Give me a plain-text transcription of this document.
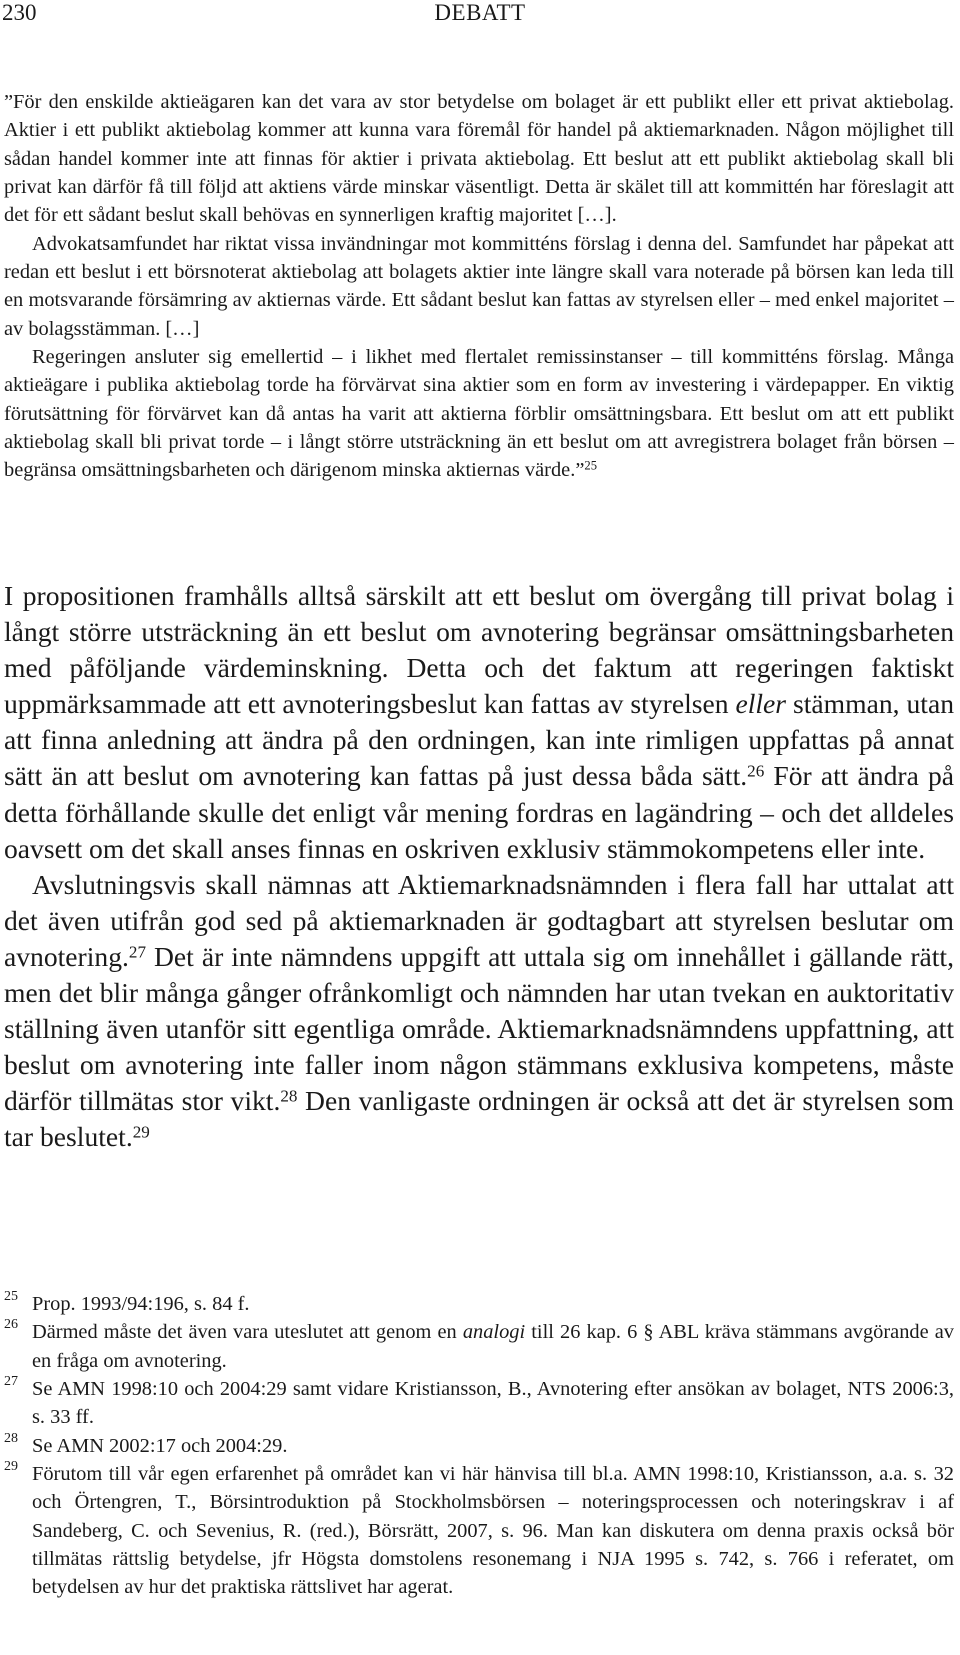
230	DEBATT

”För den enskilde aktieägaren kan det vara av stor betydelse om bolaget är ett publikt eller ett privat aktiebolag. Aktier i ett publikt aktiebolag kommer att kunna vara föremål för handel på aktiemarknaden. Någon möjlighet till sådan handel kommer inte att finnas för aktier i privata aktiebolag. Ett beslut att ett publikt aktiebolag skall bli privat kan därför få till följd att aktiens värde minskar väsentligt. Detta är skälet till att kommittén har föreslagit att det för ett sådant beslut skall behövas en synnerligen kraftig majoritet […].

Advokatsamfundet har riktat vissa invändningar mot kommitténs förslag i denna del. Samfundet har påpekat att redan ett beslut i ett börsnoterat aktiebolag att bolagets aktier inte längre skall vara noterade på börsen kan leda till en motsvarande försämring av aktiernas värde. Ett sådant beslut kan fattas av styrelsen eller – med enkel majoritet – av bolagsstämman. […]

Regeringen ansluter sig emellertid – i likhet med flertalet remissinstanser – till kommitténs förslag. Många aktieägare i publika aktiebolag torde ha förvärvat sina aktier som en form av investering i värdepapper. En viktig förutsättning för förvärvet kan då antas ha varit att aktierna förblir omsättningsbara. Ett beslut om att ett publikt aktiebolag skall bli privat torde – i långt större utsträckning än ett beslut om att avregistrera bolaget från börsen – begränsa omsättningsbarheten och därigenom minska aktiernas värde.”$^{25}$

I propositionen framhålls alltså särskilt att ett beslut om övergång till privat bolag i långt större utsträckning än ett beslut om avnotering begränsar omsättningsbarheten med påföljande värdeminskning. Detta och det faktum att regeringen faktiskt uppmärksammade att ett avnoteringsbeslut kan fattas av styrelsen eller stämman, utan att finna anledning att ändra på den ordningen, kan inte rimligen uppfattas på annat sätt än att beslut om avnotering kan fattas på just dessa båda sätt.$^{26}$ För att ändra på detta förhållande skulle det enligt vår mening fordras en lagändring – och det alldeles oavsett om det skall anses finnas en oskriven exklusiv stämmokompetens eller inte.

Avslutningsvis skall nämnas att Aktiemarknadsnämnden i flera fall har uttalat att det även utifrån god sed på aktiemarknaden är godtagbart att styrelsen beslutar om avnotering.$^{27}$ Det är inte nämndens uppgift att uttala sig om innehållet i gällande rätt, men det blir många gånger ofrånkomligt och nämnden har utan tvekan en auktoritativ ställning även utanför sitt egentliga område. Aktiemarknadsnämndens uppfattning, att beslut om avnotering inte faller inom någon stämmans exklusiva kompetens, måste därför tillmätas stor vikt.$^{28}$ Den vanligaste ordningen är också att det är styrelsen som tar beslutet.$^{29}$

25 Prop. 1993/94:196, s. 84 f.

26 Därmed måste det även vara uteslutet att genom en analogi till 26 kap. 6 § ABL kräva stämmans avgörande av en fråga om avnotering.

27 Se AMN 1998:10 och 2004:29 samt vidare Kristiansson, B., Avnotering efter ansökan av bolaget, NTS 2006:3, s. 33 ff.

28 Se AMN 2002:17 och 2004:29.

29 Förutom till vår egen erfarenhet på området kan vi här hänvisa till bl.a. AMN 1998:10, Kristiansson, a.a. s. 32 och Örtengren, T., Börsintroduktion på Stockholmsbörsen – noteringsprocessen och noteringskrav i af Sandeberg, C. och Sevenius, R. (red.), Börsrätt, 2007, s. 96. Man kan diskutera om denna praxis också bör tillmätas rättslig betydelse, jfr Högsta domstolens resonemang i NJA 1995 s. 742, s. 766 i referatet, om betydelsen av hur det praktiska rättslivet har agerat.
